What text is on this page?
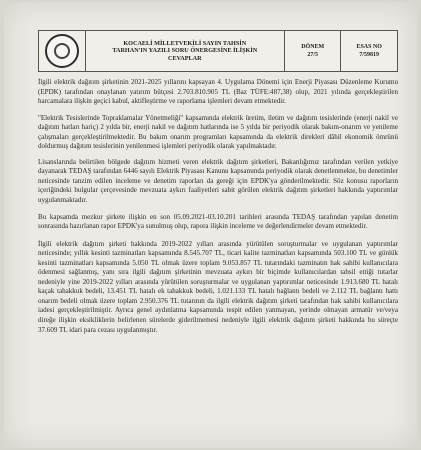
KOCAELİ MİLLETVEKİLİ SAYIN TAHSİN
TARHAN'IN YAZILI SORU ÖNERGESİNE İLİŞKİN
CEVAPLAR
DÖNEM
27/5
ESAS NO
7/59819

İlgili elektrik dağıtım şirketinin 2021-2025 yıllarını kapsayan 4. Uygulama Dönemi için Enerji Piyasası Düzenleme Kurumu (EPDK) tarafından onaylanan yatırım bütçesi 2.703.810.905 TL (Baz TÜFE:487,38) olup, 2021 yılında gerçekleştirilen harcamalara ilişkin geçici kabul, aktifleştirme ve raporlama işlemleri devam etmektedir.

"Elektrik Tesislerinde Topraklamalar Yönetmeliği" kapsamında elektrik üretim, iletim ve dağıtım tesislerinde (enerji nakil ve dağıtım hatları hariç) 2 yılda bir, enerji nakil ve dağıtım hatlarında ise 5 yılda bir periyodik olarak bakım-onarım ve yenileme çalışmaları gerçekleştirilmektedir. Bu bakım onarım programları kapsamında da elektrik direkleri dâhil ekonomik ömrünü doldurmuş dağıtım tesislerinin yenilenmesi işlemleri periyodik olarak yapılmaktadır.

Lisanslarında belirtilen bölgede dağıtım hizmeti veren elektrik dağıtım şirketleri, Bakanlığımız tarafından verilen yetkiye dayanarak TEDAŞ tarafından 6446 sayılı Elektrik Piyasası Kanunu kapsamında periyodik olarak denetlenmekte, bu denetimler neticesinde tanzim edilen inceleme ve denetim raporları da gereği için EPDK'ya gönderilmektedir. Söz konusu raporların içeriğindeki bulgular çerçevesinde mevzuata aykırı faaliyetleri sabit görülen elektrik dağıtım şirketleri hakkında yaptırımlar uygulanmaktadır.

Bu kapsamda mezkur şirkete ilişkin en son 05.09.2021-03.10.201 tarihleri arasında TEDAŞ tarafından yapılan denetim sonrasında hazırlanan rapor EPDK'ya sunulmuş olup, rapora ilişkin inceleme ve değerlendirmeler devam etmektedir.

İlgili elektrik dağıtım şirketi hakkında 2019-2022 yılları arasında yürütülen soruşturmalar ve uygulanan yaptırımlar neticesinde; yıllık kesinti tazminatları kapsamında 8.545.707 TL, ticari kalite tazminatları kapsamında 503.100 TL ve günlük kesinti tazminatları kapsamında 5.050 TL olmak üzere toplam 9.053.857 TL tutarındaki tazminatın hak sahibi kullanıcılara ödenmesi sağlanmış, yanı sıra ilgili dağıtım şirketinin mevzuata aykırı bir biçimde kullanıcılardan tahsil ettiği tutarlar nedeniyle yine 2019-2022 yılları arasında yürütülen soruşturmalar ve uygulanan yaptırımlar neticesinde 1.913.680 TL hatalı kaçak tahakkuk bedeli, 13.451 TL hatalı ek tahakkuk bedeli, 1.021.133 TL hatalı bağlantı bedeli ve 2.112 TL bağlantı hattı onarım bedeli olmak üzere toplam 2.950.376 TL tutarının da ilgili elektrik dağıtım şirketi tarafından hak sahibi kullanıcılara iadesi gerçekleştirilmiştir. Ayrıca genel aydınlatma kapsamında tespit edilen yanmayan, yerinde olmayan armatür ve/veya direğe ilişkin eksikliklerin belirlenen sürelerde giderilmemesi nedeniyle ilgili elektrik dağıtım şirketi hakkında bu süreçte 37.609 TL idari para cezası uygulanmıştır.
